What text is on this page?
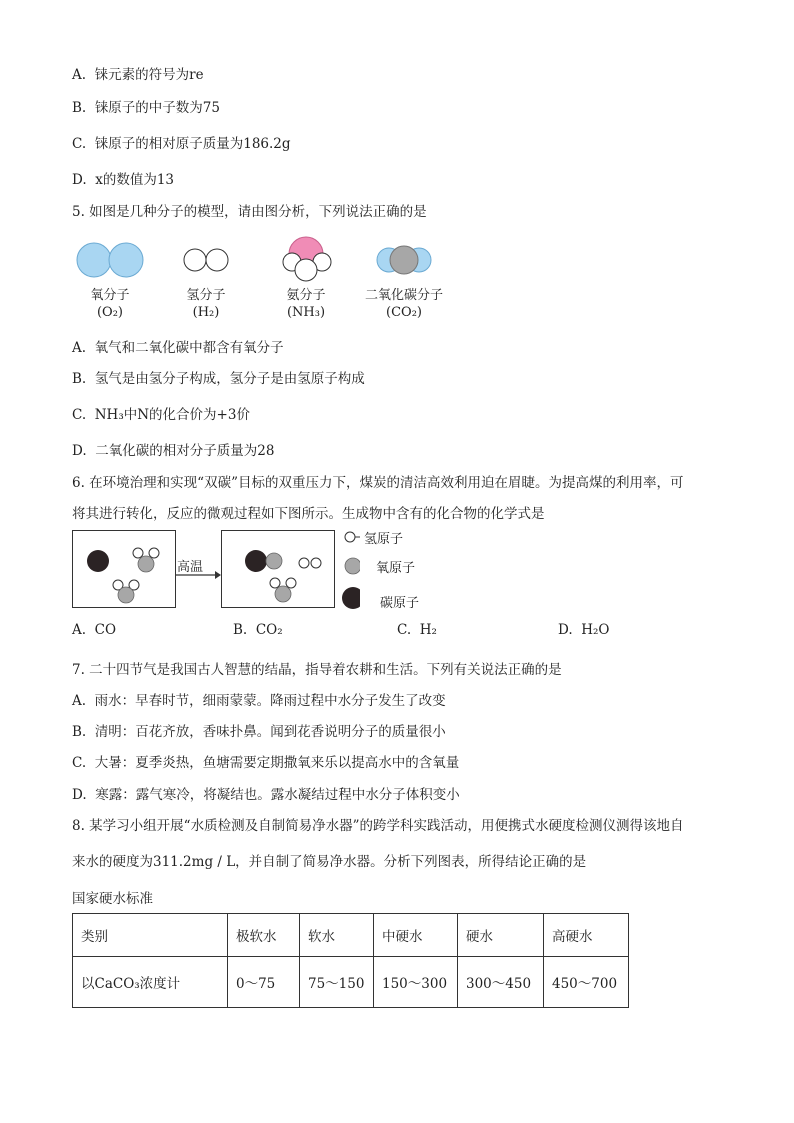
A. 铼元素的符号为re
B. 铼原子的中子数为75
C. 铼原子的相对原子质量为186.2g
D. x的数值为13
5. 如图是几种分子的模型，请由图分析，下列说法正确的是
氧分子
(O₂)
氢分子
(H₂)
氨分子
(NH₃)
二氧化碳分子
(CO₂)
A. 氧气和二氧化碳中都含有氧分子
B. 氢气是由氢分子构成，氢分子是由氢原子构成
C. NH₃中N的化合价为+3价
D. 二氧化碳的相对分子质量为28
6. 在环境治理和实现“双碳”目标的双重压力下，煤炭的清洁高效利用迫在眉睫。为提高煤的利用率，可
将其进行转化，反应的微观过程如下图所示。生成物中含有的化合物的化学式是
高温
氢原子
氧原子
碳原子
A. CO	B. CO₂	C. H₂	D. H₂O
7. 二十四节气是我国古人智慧的结晶，指导着农耕和生活。下列有关说法正确的是
A. 雨水：早春时节，细雨蒙蒙。降雨过程中水分子发生了改变
B. 清明：百花齐放，香味扑鼻。闻到花香说明分子的质量很小
C. 大暑：夏季炎热，鱼塘需要定期撒氧来乐以提高水中的含氧量
D. 寒露：露气寒冷，将凝结也。露水凝结过程中水分子体积变小
8. 某学习小组开展“水质检测及自制简易净水器”的跨学科实践活动，用便携式水硬度检测仪测得该地自
来水的硬度为311.2mg / L，并自制了简易净水器。分析下列图表，所得结论正确的是
国家硬水标准
类别	极软水	软水	中硬水	硬水	高硬水
以CaCO₃浓度计	0～75	75～150	150～300	300～450	450～700
